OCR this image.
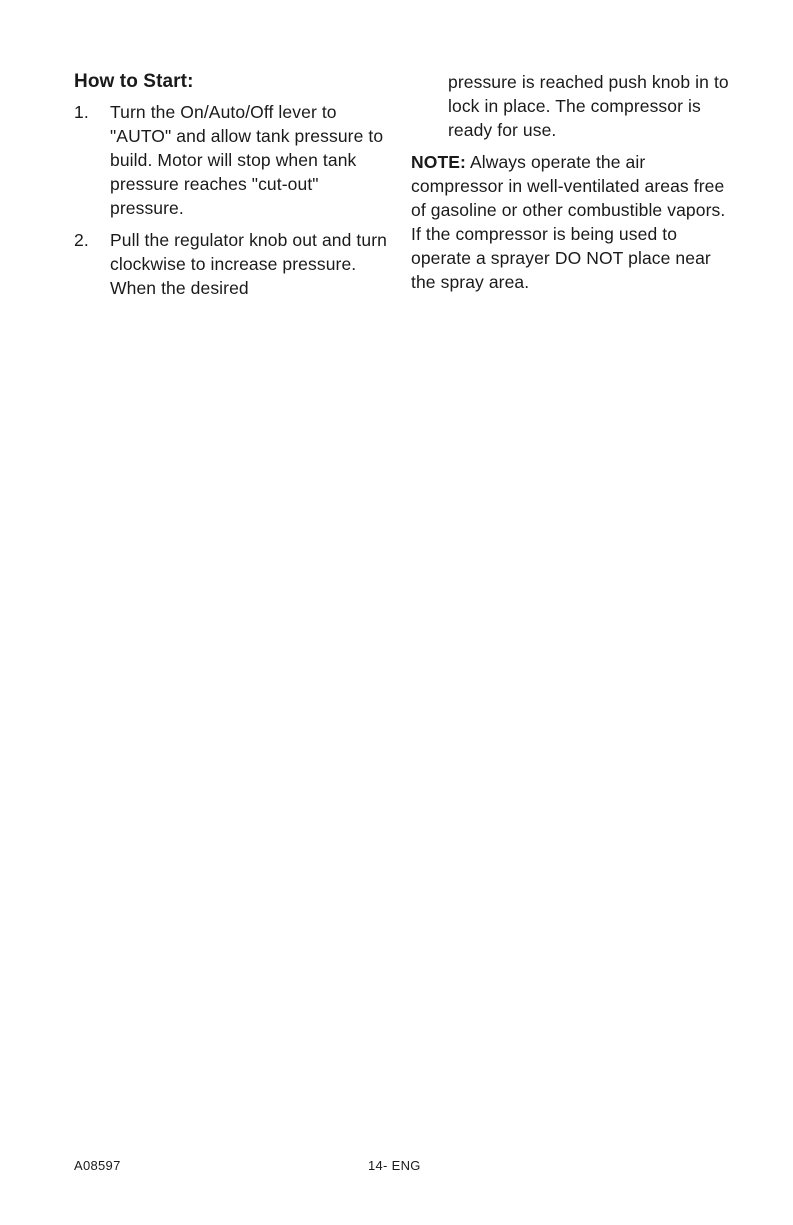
How to Start:
1. Turn the On/Auto/Off lever to "AUTO" and allow tank pressure to build. Motor will stop when tank pressure reaches "cut-out" pressure.
2. Pull the regulator knob out and turn clockwise to increase pressure. When the desired
pressure is reached push knob in to lock in place. The compressor is ready for use.

NOTE: Always operate the air compressor in well-ventilated areas free of gasoline or other combustible vapors. If the compressor is being used to operate a sprayer DO NOT place near the spray area.

A08597	14- ENG
